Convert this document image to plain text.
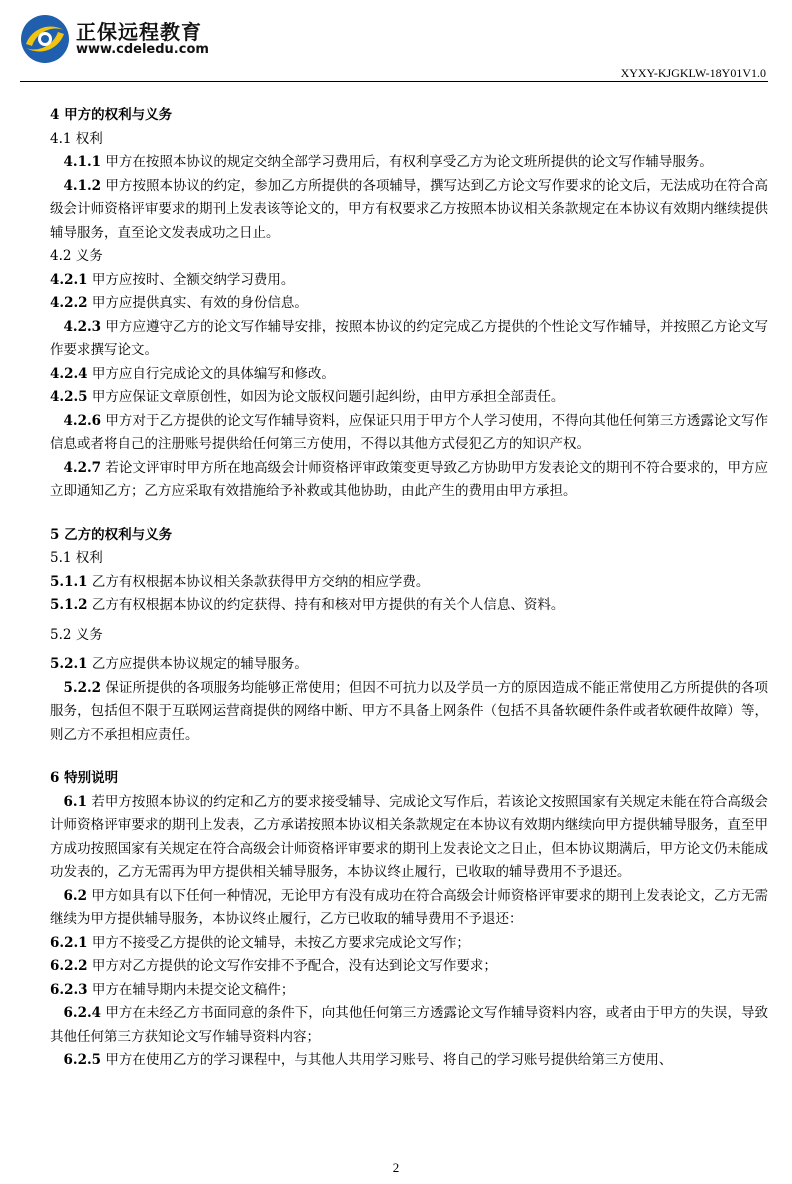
正保远程教育
www.cdeledu.com
XYXY-KJGKLW-18Y01V1.0

4 甲方的权利与义务

4.1 权利

 4.1.1 甲方在按照本协议的规定交纳全部学习费用后，有权利享受乙方为论文班所提供的论文写作辅导服务。

 4.1.2 甲方按照本协议的约定，参加乙方所提供的各项辅导，撰写达到乙方论文写作要求的论文后，无法成功在符合高级会计师资格评审要求的期刊上发表该等论文的，甲方有权要求乙方按照本协议相关条款规定在本协议有效期内继续提供辅导服务，直至论文发表成功之日止。

4.2 义务

4.2.1 甲方应按时、全额交纳学习费用。

4.2.2 甲方应提供真实、有效的身份信息。

 4.2.3 甲方应遵守乙方的论文写作辅导安排，按照本协议的约定完成乙方提供的个性论文写作辅导，并按照乙方论文写作要求撰写论文。

4.2.4 甲方应自行完成论文的具体编写和修改。

4.2.5 甲方应保证文章原创性，如因为论文版权问题引起纠纷，由甲方承担全部责任。

 4.2.6 甲方对于乙方提供的论文写作辅导资料，应保证只用于甲方个人学习使用，不得向其他任何第三方透露论文写作信息或者将自己的注册账号提供给任何第三方使用，不得以其他方式侵犯乙方的知识产权。

 4.2.7 若论文评审时甲方所在地高级会计师资格评审政策变更导致乙方协助甲方发表论文的期刊不符合要求的，甲方应立即通知乙方；乙方应采取有效措施给予补救或其他协助，由此产生的费用由甲方承担。

5 乙方的权利与义务

5.1 权利

5.1.1 乙方有权根据本协议相关条款获得甲方交纳的相应学费。

5.1.2 乙方有权根据本协议的约定获得、持有和核对甲方提供的有关个人信息、资料。

5.2 义务

5.2.1 乙方应提供本协议规定的辅导服务。

 5.2.2 保证所提供的各项服务均能够正常使用；但因不可抗力以及学员一方的原因造成不能正常使用乙方所提供的各项服务，包括但不限于互联网运营商提供的网络中断、甲方不具备上网条件（包括不具备软硬件条件或者软硬件故障）等，则乙方不承担相应责任。

6 特别说明

 6.1 若甲方按照本协议的约定和乙方的要求接受辅导、完成论文写作后，若该论文按照国家有关规定未能在符合高级会计师资格评审要求的期刊上发表，乙方承诺按照本协议相关条款规定在本协议有效期内继续向甲方提供辅导服务，直至甲方成功按照国家有关规定在符合高级会计师资格评审要求的期刊上发表论文之日止，但本协议期满后，甲方论文仍未能成功发表的，乙方无需再为甲方提供相关辅导服务，本协议终止履行，已收取的辅导费用不予退还。

 6.2 甲方如具有以下任何一种情况，无论甲方有没有成功在符合高级会计师资格评审要求的期刊上发表论文，乙方无需继续为甲方提供辅导服务，本协议终止履行，乙方已收取的辅导费用不予退还：

6.2.1 甲方不接受乙方提供的论文辅导，未按乙方要求完成论文写作；

6.2.2 甲方对乙方提供的论文写作安排不予配合，没有达到论文写作要求；

6.2.3 甲方在辅导期内未提交论文稿件；

 6.2.4 甲方在未经乙方书面同意的条件下，向其他任何第三方透露论文写作辅导资料内容，或者由于甲方的失误，导致其他任何第三方获知论文写作辅导资料内容；

 6.2.5 甲方在使用乙方的学习课程中，与其他人共用学习账号、将自己的学习账号提供给第三方使用、

2
